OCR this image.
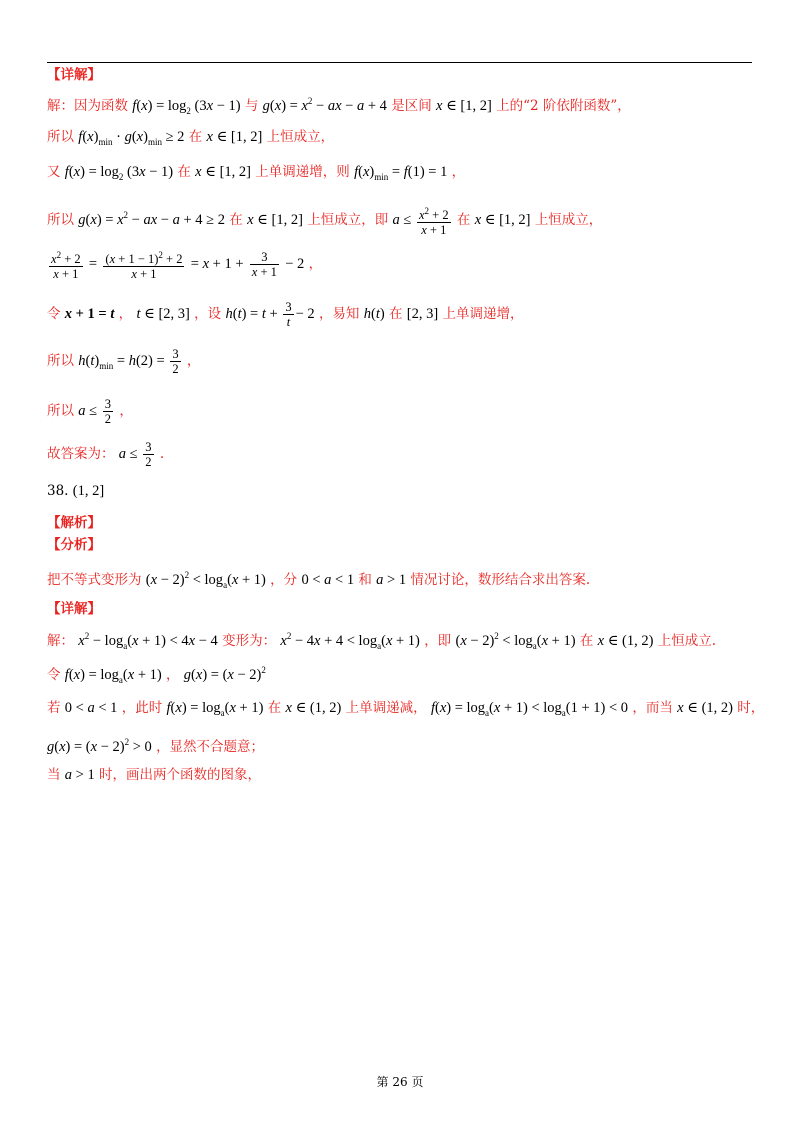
【详解】
解：因为函数 $f(x) = \log_2 (3x - 1)$ 与 $g(x) = x^2$ − ax − a + 4 是区间 x ∈ [1, 2] 上的“2 阶依附函数”，
所以 $f(x)_{min} \cdot g(x)_{min} \ge 2$ 在 x ∈ [1, 2] 上恒成立，
又 $f(x) = \log_2 (3x - 1)$ 在 x ∈ [1, 2] 上单调递增，则 $f(x)_{min} = f(1) = 1$ ，
所以 $g(x) = x^2$ − ax − a + 4 ≥ 2 在 x ∈ [1, 2] 上恒成立，即 $a \le \frac{x^2 + 2}{x + 1}$ 在 x ∈ [1, 2] 上恒成立，
$\frac{x^2 + 2}{x + 1} = \frac{(x + 1 - 1)^2 + 2}{x + 1} = x + 1 + \frac{3}{x + 1} - 2$ ，
令 x + 1 = t ， t ∈ [2, 3] ，设 $h(t) = t + \frac{3}{t} - 2$ ，易知 h(t) 在 [2, 3] 上单调递增，
所以 $h(t)_{min} = h(2) = \frac{3}{2}$ ，
所以 $a \le \frac{3}{2}$ ，
故答案为： $a \le \frac{3}{2}$ .
38. (1, 2]
【解析】
【分析】
把不等式变形为 $(x - 2)^2 < \log_a(x + 1)$ ，分 0 < a < 1 和 a > 1 情况讨论，数形结合求出答案.
【详解】
解： $x^2 - \log_a(x + 1) < 4x - 4$ 变形为： $x^2 - 4x + 4 < \log_a(x + 1)$ ，即 $(x - 2)^2 < \log_a(x + 1)$ 在 x ∈ (1, 2) 上恒成立.
令 $f(x) = \log_a(x + 1)$ ， $g(x) = (x - 2)^2$
若 0 < a < 1 ，此时 $f(x) = \log_a(x + 1)$ 在 x ∈ (1, 2) 上单调递减， $f(x) = \log_a(x + 1) < \log_a(1 + 1) < 0$ ，而当 x ∈ (1, 2) 时，
$g(x) = (x - 2)^2 > 0$ ，显然不合题意；
当 a > 1 时，画出两个函数的图象，
第 26 页
